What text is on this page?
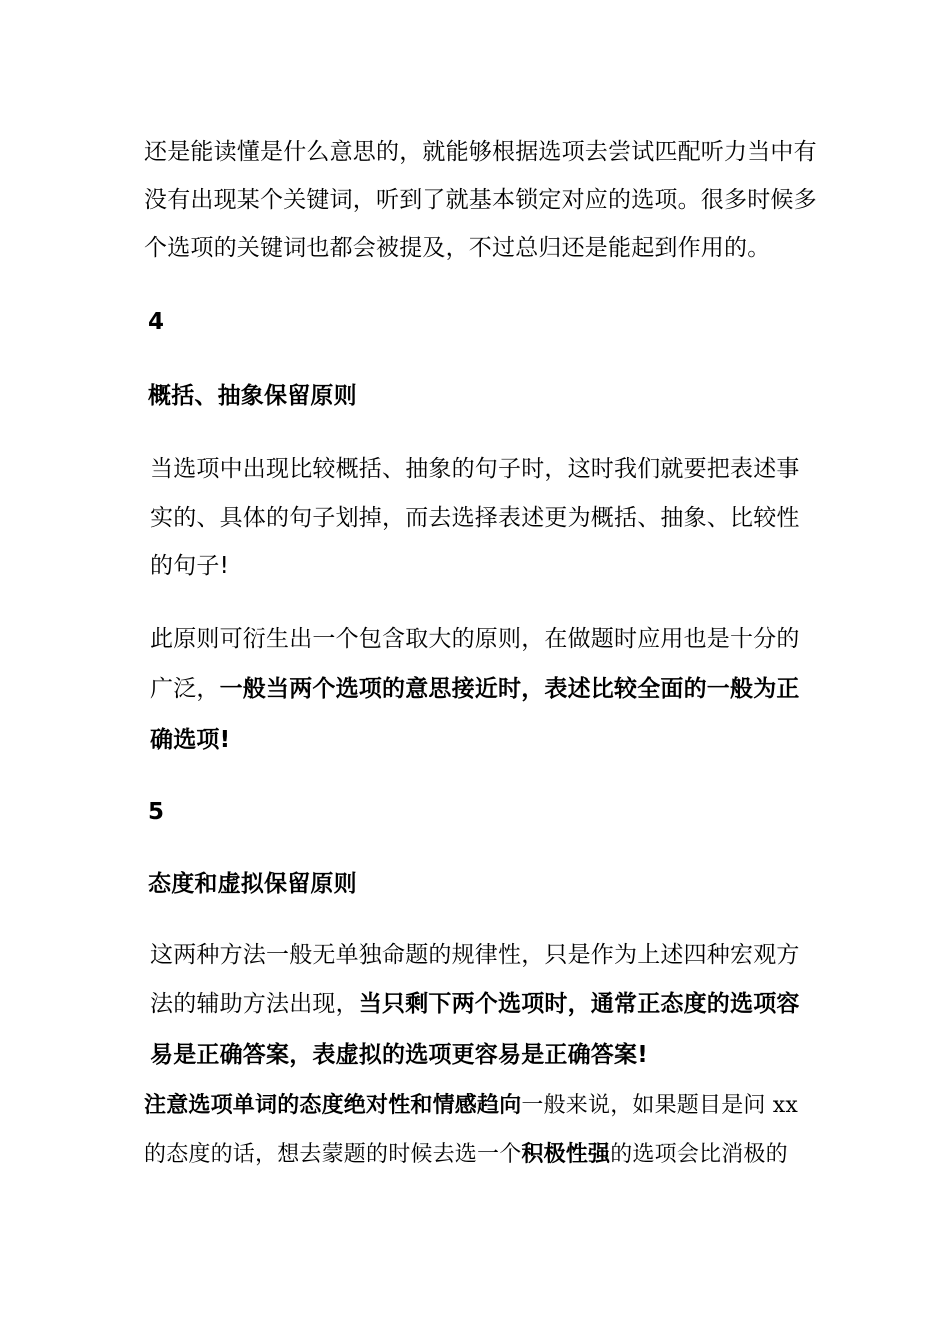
还是能读懂是什么意思的，就能够根据选项去尝试匹配听力当中有
没有出现某个关键词，听到了就基本锁定对应的选项。很多时候多
个选项的关键词也都会被提及，不过总归还是能起到作用的。
4
概括、抽象保留原则
当选项中出现比较概括、抽象的句子时，这时我们就要把表述事
实的、具体的句子划掉，而去选择表述更为概括、抽象、比较性
的句子!
此原则可衍生出一个包含取大的原则，在做题时应用也是十分的
广泛，一般当两个选项的意思接近时，表述比较全面的一般为正
确选项!
5
态度和虚拟保留原则
这两种方法一般无单独命题的规律性，只是作为上述四种宏观方
法的辅助方法出现，当只剩下两个选项时，通常正态度的选项容
易是正确答案，表虚拟的选项更容易是正确答案!
注意选项单词的态度绝对性和情感趋向一般来说，如果题目是问 xx
的态度的话，想去蒙题的时候去选一个积极性强的选项会比消极的
